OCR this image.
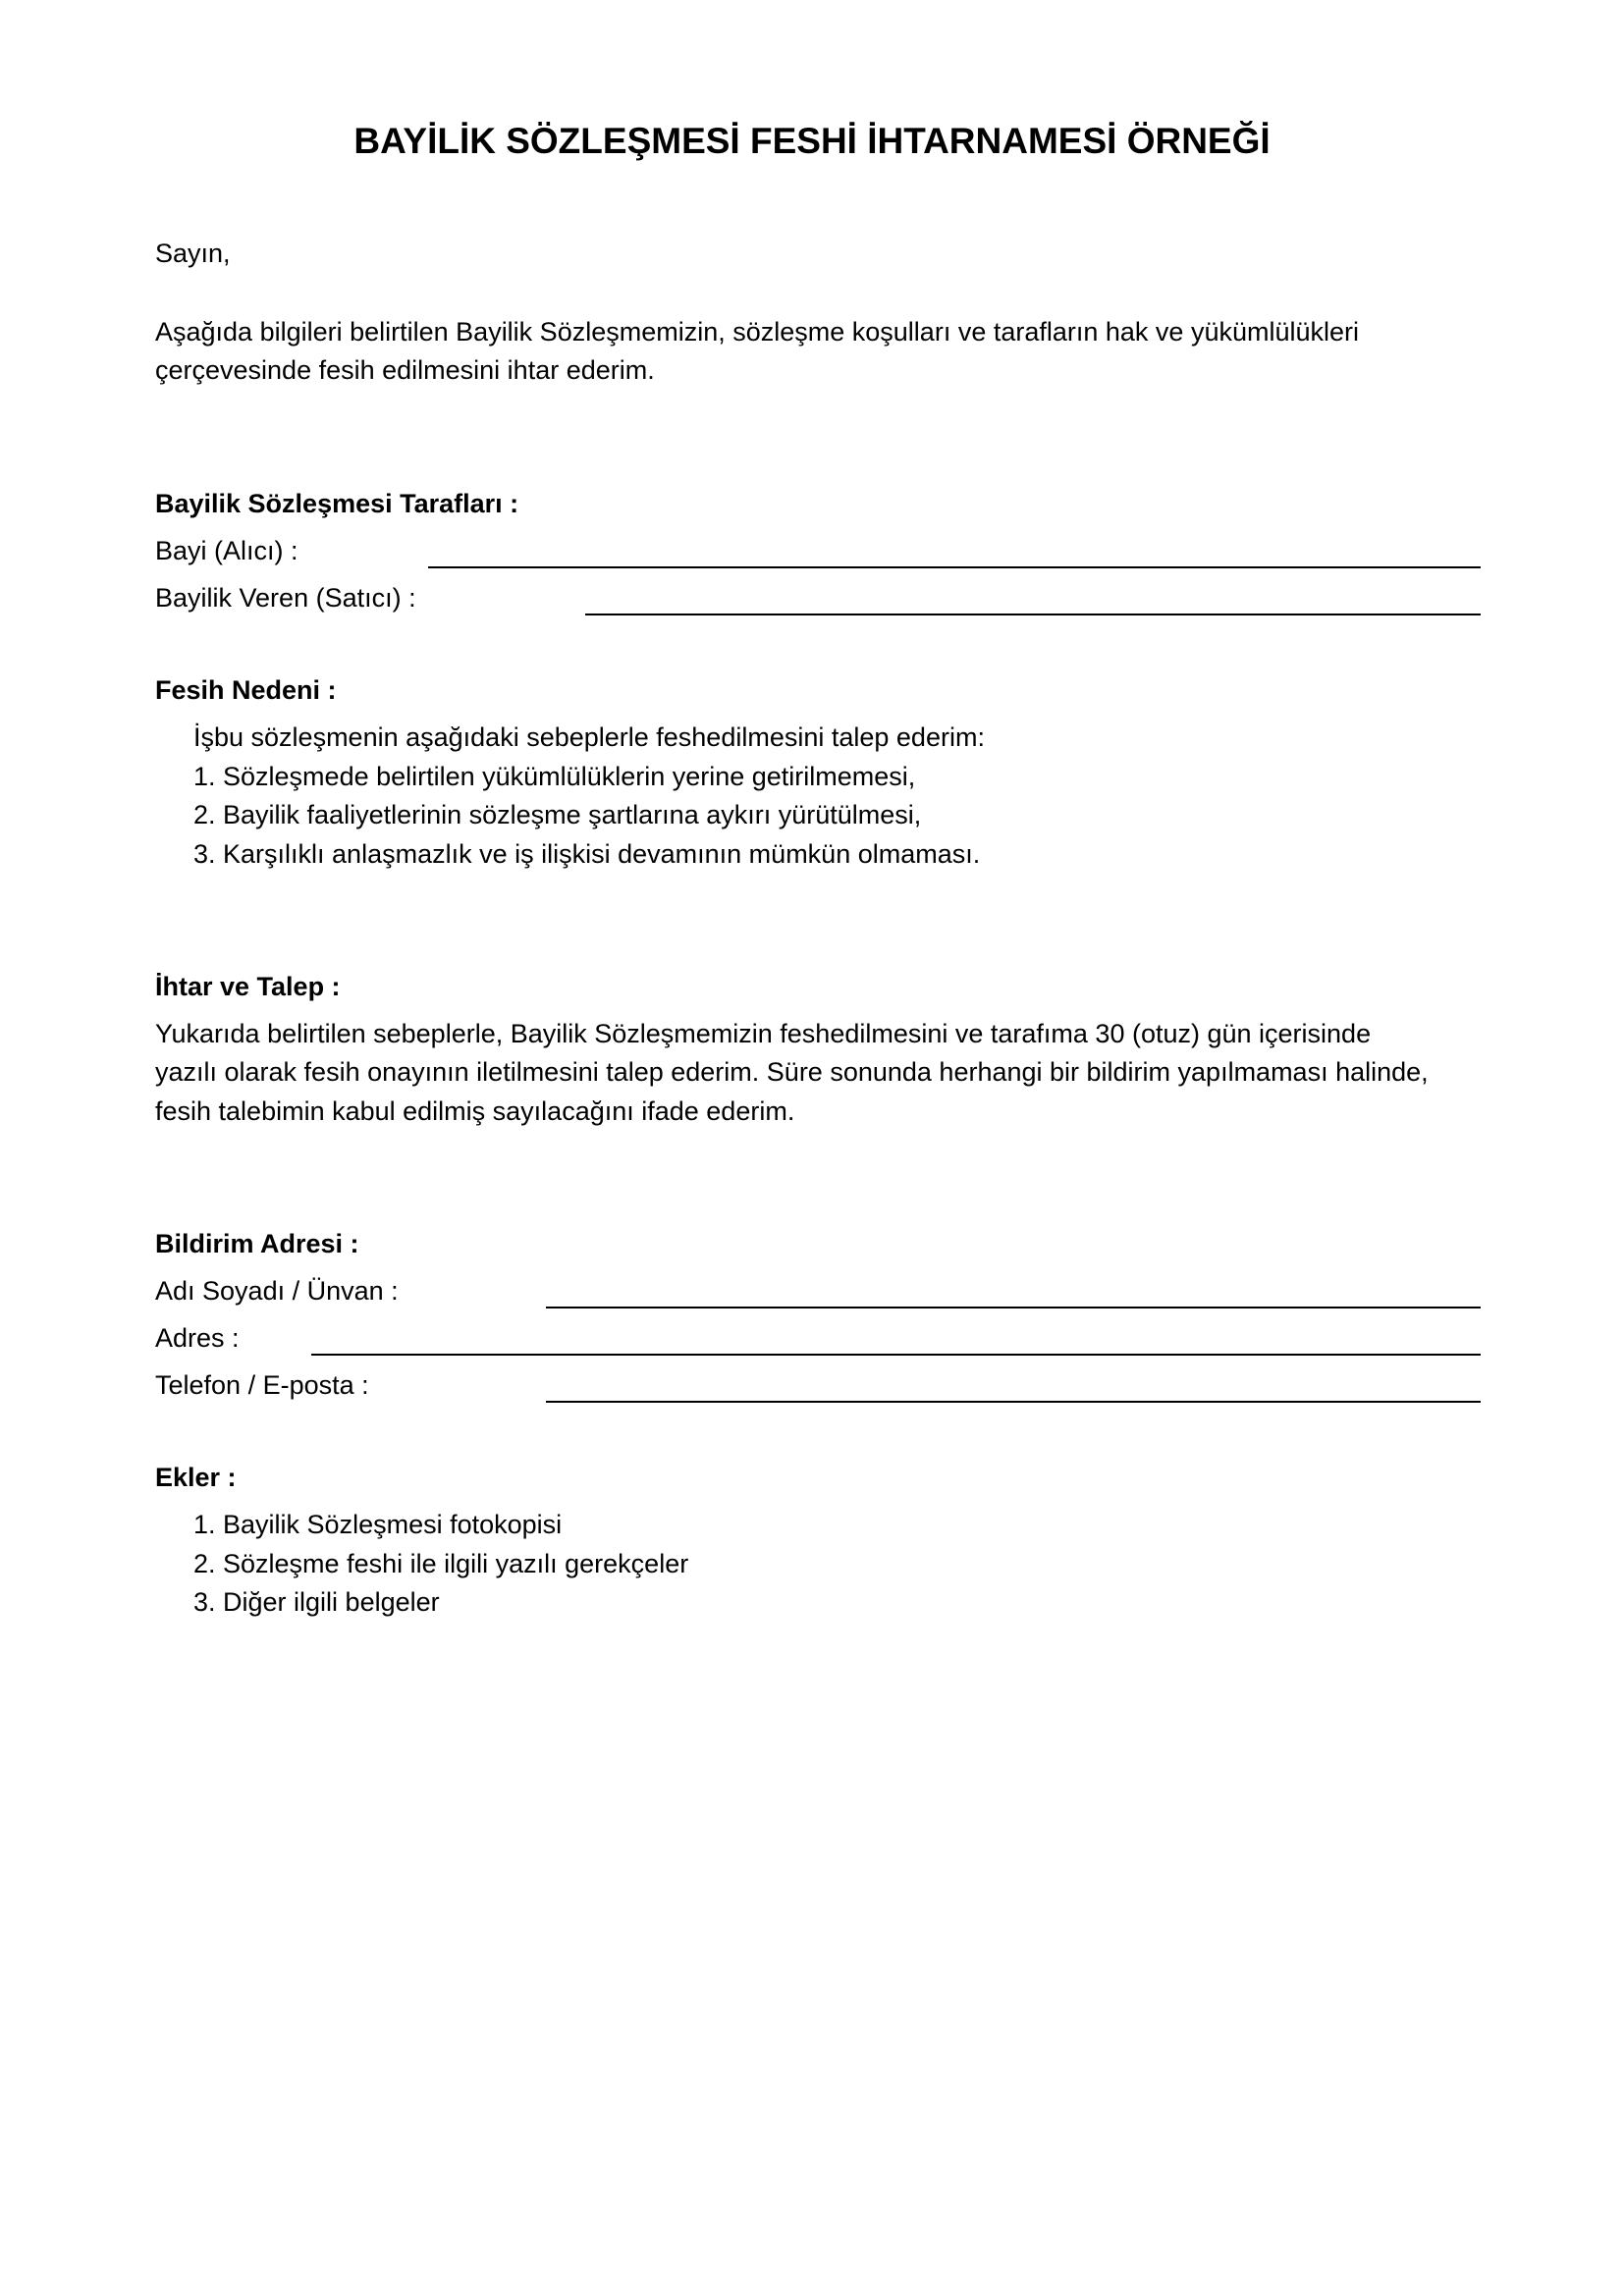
BAYİLİK SÖZLEŞMESİ FESHİ İHTARNAMESİ ÖRNEĞİ

Sayın,

Aşağıda bilgileri belirtilen Bayilik Sözleşmemizin, sözleşme koşulları ve tarafların hak ve yükümlülükleri

çerçevesinde fesih edilmesini ihtar ederim.

Bayilik Sözleşmesi Tarafları :

Bayi (Alıcı) :

Bayilik Veren (Satıcı) :

Fesih Nedeni :

İşbu sözleşmenin aşağıdaki sebeplerle feshedilmesini talep ederim:

1. Sözleşmede belirtilen yükümlülüklerin yerine getirilmemesi,

2. Bayilik faaliyetlerinin sözleşme şartlarına aykırı yürütülmesi,

3. Karşılıklı anlaşmazlık ve iş ilişkisi devamının mümkün olmaması.

İhtar ve Talep :

Yukarıda belirtilen sebeplerle, Bayilik Sözleşmemizin feshedilmesini ve tarafıma 30 (otuz) gün içerisinde

yazılı olarak fesih onayının iletilmesini talep ederim. Süre sonunda herhangi bir bildirim yapılmaması halinde,

fesih talebimin kabul edilmiş sayılacağını ifade ederim.

Bildirim Adresi :

Adı Soyadı / Ünvan :

Adres :

Telefon / E-posta :

Ekler :

1. Bayilik Sözleşmesi fotokopisi

2. Sözleşme feshi ile ilgili yazılı gerekçeler

3. Diğer ilgili belgeler
